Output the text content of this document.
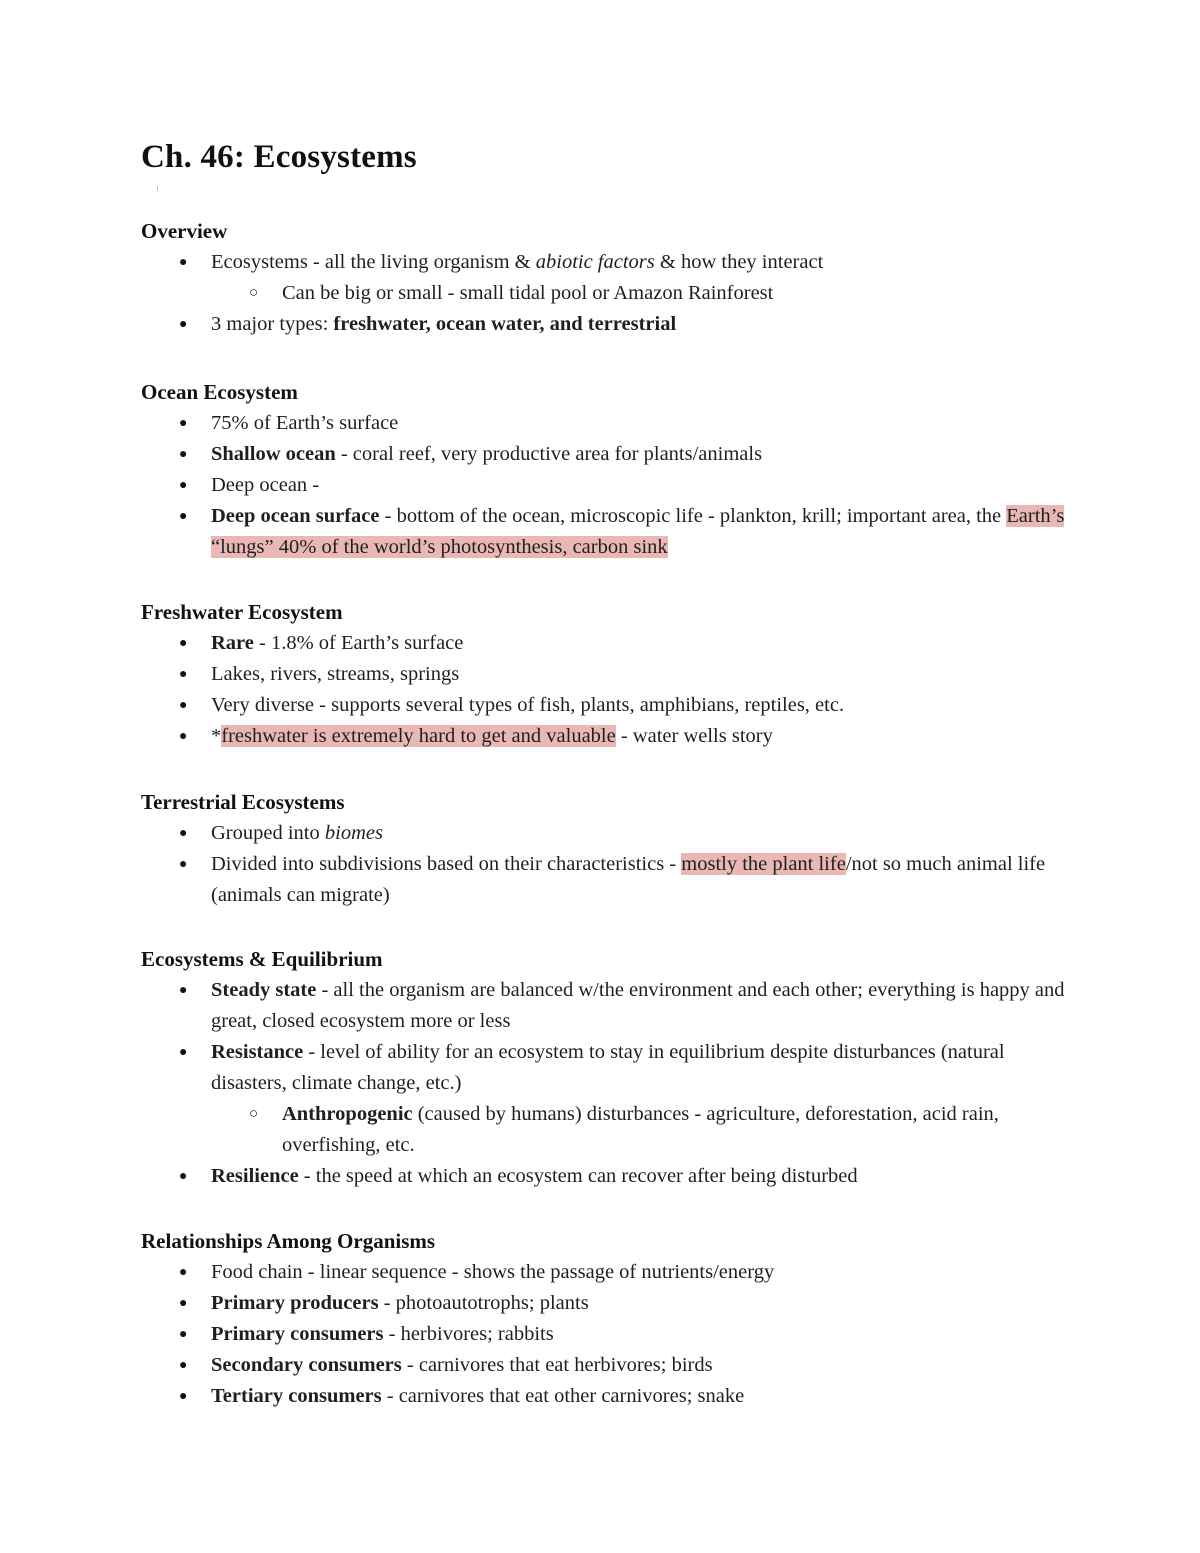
Ch. 46: Ecosystems
Overview
● Ecosystems - all the living organism & abiotic factors & how they interact
○ Can be big or small - small tidal pool or Amazon Rainforest
● 3 major types: freshwater, ocean water, and terrestrial
Ocean Ecosystem
● 75% of Earth’s surface
● Shallow ocean - coral reef, very productive area for plants/animals
● Deep ocean -
● Deep ocean surface - bottom of the ocean, microscopic life - plankton, krill; important area, the Earth’s “lungs” 40% of the world’s photosynthesis, carbon sink
Freshwater Ecosystem
● Rare - 1.8% of Earth’s surface
● Lakes, rivers, streams, springs
● Very diverse - supports several types of fish, plants, amphibians, reptiles, etc.
● *freshwater is extremely hard to get and valuable - water wells story
Terrestrial Ecosystems
● Grouped into biomes
● Divided into subdivisions based on their characteristics - mostly the plant life/not so much animal life (animals can migrate)
Ecosystems & Equilibrium
● Steady state - all the organism are balanced w/the environment and each other; everything is happy and great, closed ecosystem more or less
● Resistance - level of ability for an ecosystem to stay in equilibrium despite disturbances (natural disasters, climate change, etc.)
○ Anthropogenic (caused by humans) disturbances - agriculture, deforestation, acid rain, overfishing, etc.
● Resilience - the speed at which an ecosystem can recover after being disturbed
Relationships Among Organisms
● Food chain - linear sequence - shows the passage of nutrients/energy
● Primary producers - photoautotrophs; plants
● Primary consumers - herbivores; rabbits
● Secondary consumers - carnivores that eat herbivores; birds
● Tertiary consumers - carnivores that eat other carnivores; snake
